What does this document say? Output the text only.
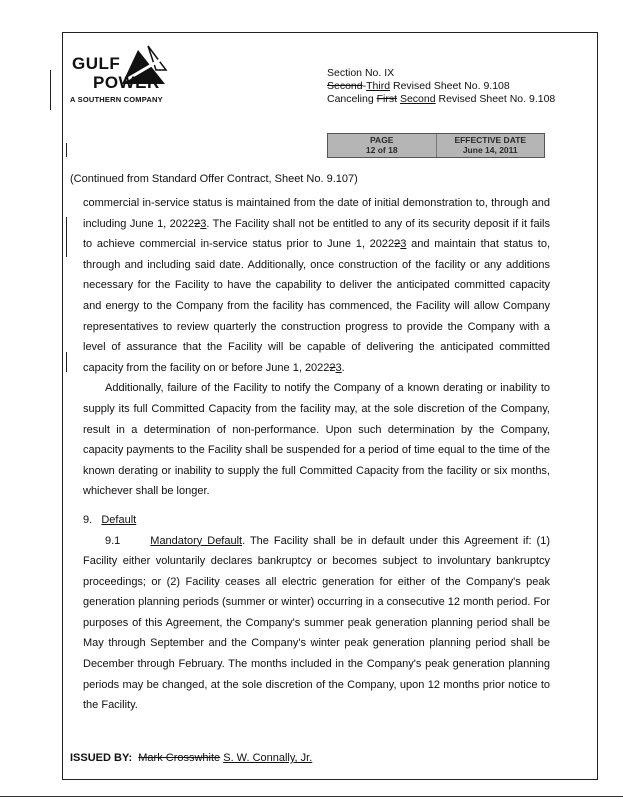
GULF
POWER
A SOUTHERN COMPANY
Section No. IX
Second-Third Revised Sheet No. 9.108
Canceling First Second Revised Sheet No. 9.108
PAGE
12 of 18
EFFECTIVE DATE
June 14, 2011
(Continued from Standard Offer Contract, Sheet No. 9.107)

commercial in-service status is maintained from the date of initial demonstration to, through and including June 1, 202223. The Facility shall not be entitled to any of its security deposit if it fails to achieve commercial in-service status prior to June 1, 202223 and maintain that status to, through and including said date. Additionally, once construction of the facility or any additions necessary for the Facility to have the capability to deliver the anticipated committed capacity and energy to the Company from the facility has commenced, the Facility will allow Company representatives to review quarterly the construction progress to provide the Company with a level of assurance that the Facility will be capable of delivering the anticipated committed capacity from the facility on or before June 1, 202223.

Additionally, failure of the Facility to notify the Company of a known derating or inability to supply its full Committed Capacity from the facility may, at the sole discretion of the Company, result in a determination of non-performance. Upon such determination by the Company, capacity payments to the Facility shall be suspended for a period of time equal to the time of the known derating or inability to supply the full Committed Capacity from the facility or six months, whichever shall be longer.

9. Default

9.1	Mandatory Default. The Facility shall be in default under this Agreement if: (1) Facility either voluntarily declares bankruptcy or becomes subject to involuntary bankruptcy proceedings; or (2) Facility ceases all electric generation for either of the Company's peak generation planning periods (summer or winter) occurring in a consecutive 12 month period. For purposes of this Agreement, the Company's summer peak generation planning period shall be May through September and the Company's winter peak generation planning period shall be December through February. The months included in the Company's peak generation planning periods may be changed, at the sole discretion of the Company, upon 12 months prior notice to the Facility.

ISSUED BY: Mark Crosswhite S. W. Connally, Jr.
